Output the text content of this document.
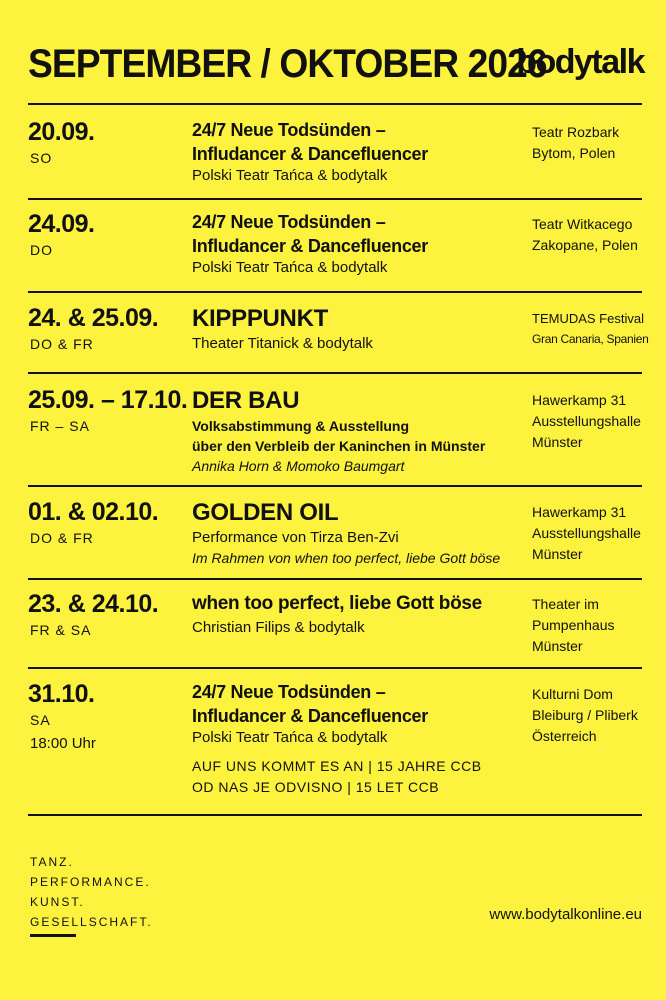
SEPTEMBER / OKTOBER 2026
bodytalk
20.09.
SO
24/7 Neue Todsünden –
Infludancer & Dancefluencer
Polski Teatr Tańca & bodytalk
Teatr Rozbark
Bytom, Polen
24.09.
DO
24/7 Neue Todsünden –
Infludancer & Dancefluencer
Polski Teatr Tańca & bodytalk
Teatr Witkacego
Zakopane, Polen
24. & 25.09.
DO & FR
KIPPPUNKT
Theater Titanick & bodytalk
TEMUDAS Festival
Gran Canaria, Spanien
25.09. – 17.10.
FR – SA
DER BAU
Volksabstimmung & Ausstellung
über den Verbleib der Kaninchen in Münster
Annika Horn & Momoko Baumgart
Hawerkamp 31
Ausstellungshalle
Münster
01. & 02.10.
DO & FR
GOLDEN OIL
Performance von Tirza Ben-Zvi
Im Rahmen von when too perfect, liebe Gott böse
Hawerkamp 31
Ausstellungshalle
Münster
23. & 24.10.
FR & SA
when too perfect, liebe Gott böse
Christian Filips & bodytalk
Theater im
Pumpenhaus
Münster
31.10.
SA
18:00 Uhr
24/7 Neue Todsünden –
Infludancer & Dancefluencer
Polski Teatr Tańca & bodytalk
AUF UNS KOMMT ES AN | 15 JAHRE CCB
OD NAS JE ODVISNO | 15 LET CCB
Kulturni Dom
Bleiburg / Pliberk
Österreich
TANZ.
PERFORMANCE.
KUNST.
GESELLSCHAFT.	www.bodytalkonline.eu
